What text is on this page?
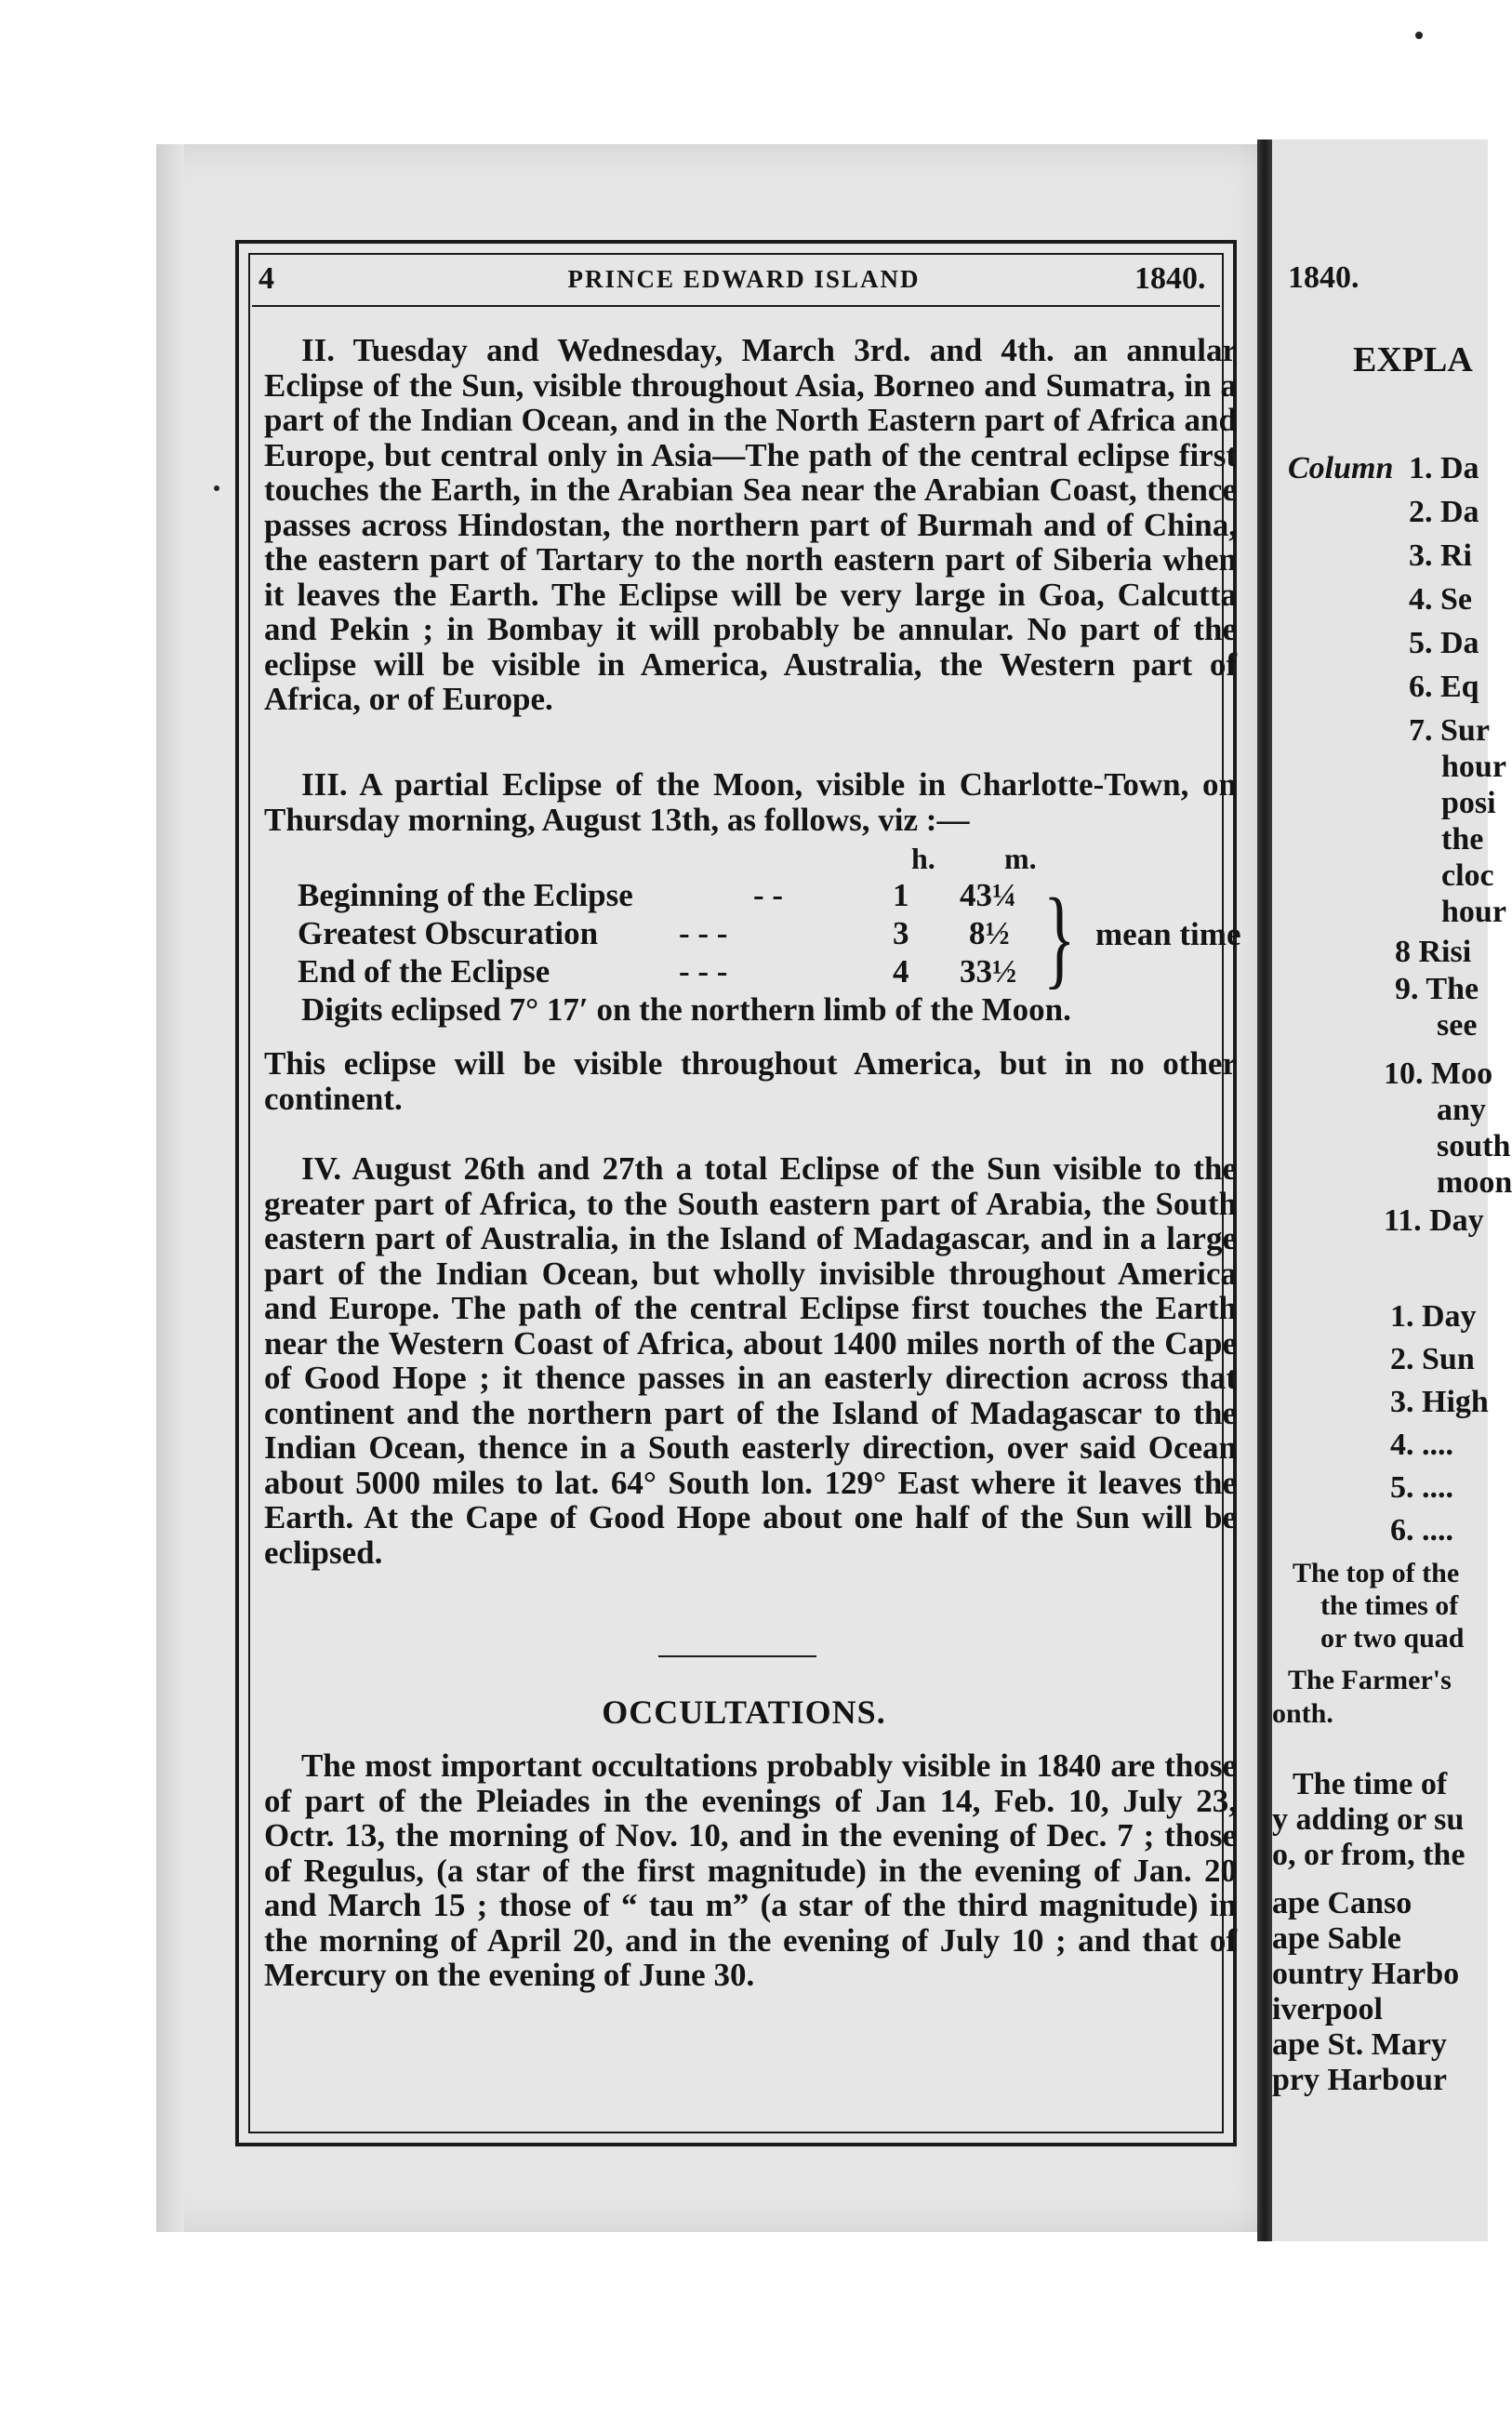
4	PRINCE EDWARD ISLAND	1840.

II. Tuesday and Wednesday, March 3rd. and 4th. an annular Eclipse of the Sun, visible throughout Asia, Borneo and Sumatra, in a part of the Indian Ocean, and in the North Eastern part of Africa and Europe, but central only in Asia—The path of the central eclipse first touches the Earth, in the Arabian Sea near the Arabian Coast, thence passes across Hindostan, the northern part of Burmah and of China, the eastern part of Tartary to the north eastern part of Siberia when it leaves the Earth. The Eclipse will be very large in Goa, Calcutta and Pekin ; in Bombay it will probably be annular. No part of the eclipse will be visible in America, Australia, the Western part of Africa, or of Europe.

III. A partial Eclipse of the Moon, visible in Charlotte-Town, on Thursday morning, August 13th, as follows, viz :—

h. m.
Beginning of the Eclipse	- -	1 43¼
Greatest Obscuration - - -	3 8½
End of the Eclipse	- - -	4 33½ } mean time

Digits eclipsed 7° 17′ on the northern limb of the Moon.

This eclipse will be visible throughout America, but in no other continent.

IV. August 26th and 27th a total Eclipse of the Sun visible to the greater part of Africa, to the South eastern part of Arabia, the South eastern part of Australia, in the Island of Madagascar, and in a large part of the Indian Ocean, but wholly invisible throughout America and Europe. The path of the central Eclipse first touches the Earth near the Western Coast of Africa, about 1400 miles north of the Cape of Good Hope ; it thence passes in an easterly direction across that continent and the northern part of the Island of Madagascar to the Indian Ocean, thence in a South easterly direction, over said Ocean about 5000 miles to lat. 64° South lon. 129° East where it leaves the Earth. At the Cape of Good Hope about one half of the Sun will be eclipsed.

OCCULTATIONS.

The most important occultations probably visible in 1840 are those of part of the Pleiades in the evenings of Jan 14, Feb. 10, July 23, Octr. 13, the morning of Nov. 10, and in the evening of Dec. 7 ; those of Regulus, (a star of the first magnitude) in the evening of Jan. 20 and March 15 ; those of “ tau m” (a star of the third magnitude) in the morning of April 20, and in the evening of July 10 ; and that of Mercury on the evening of June 30.

1840.
EXPLA
Column 1. Da
2. Da
3. Ri
4. Se
5. Da
6. Eq
7. Sur
hour
posi
the
cloc
hour
8 Risi
9. The
see
10. Moo
any
south
moon
11. Day
1. Day
2. Sun
3. High
4. ....
5. ....
6. ....
The top of the
the times of
or two quad
The Farmer's
onth.
The time of
y adding or su
o, or from, the
ape Canso
ape Sable
ountry Harbo
iverpool
ape St. Mary
pry Harbour
